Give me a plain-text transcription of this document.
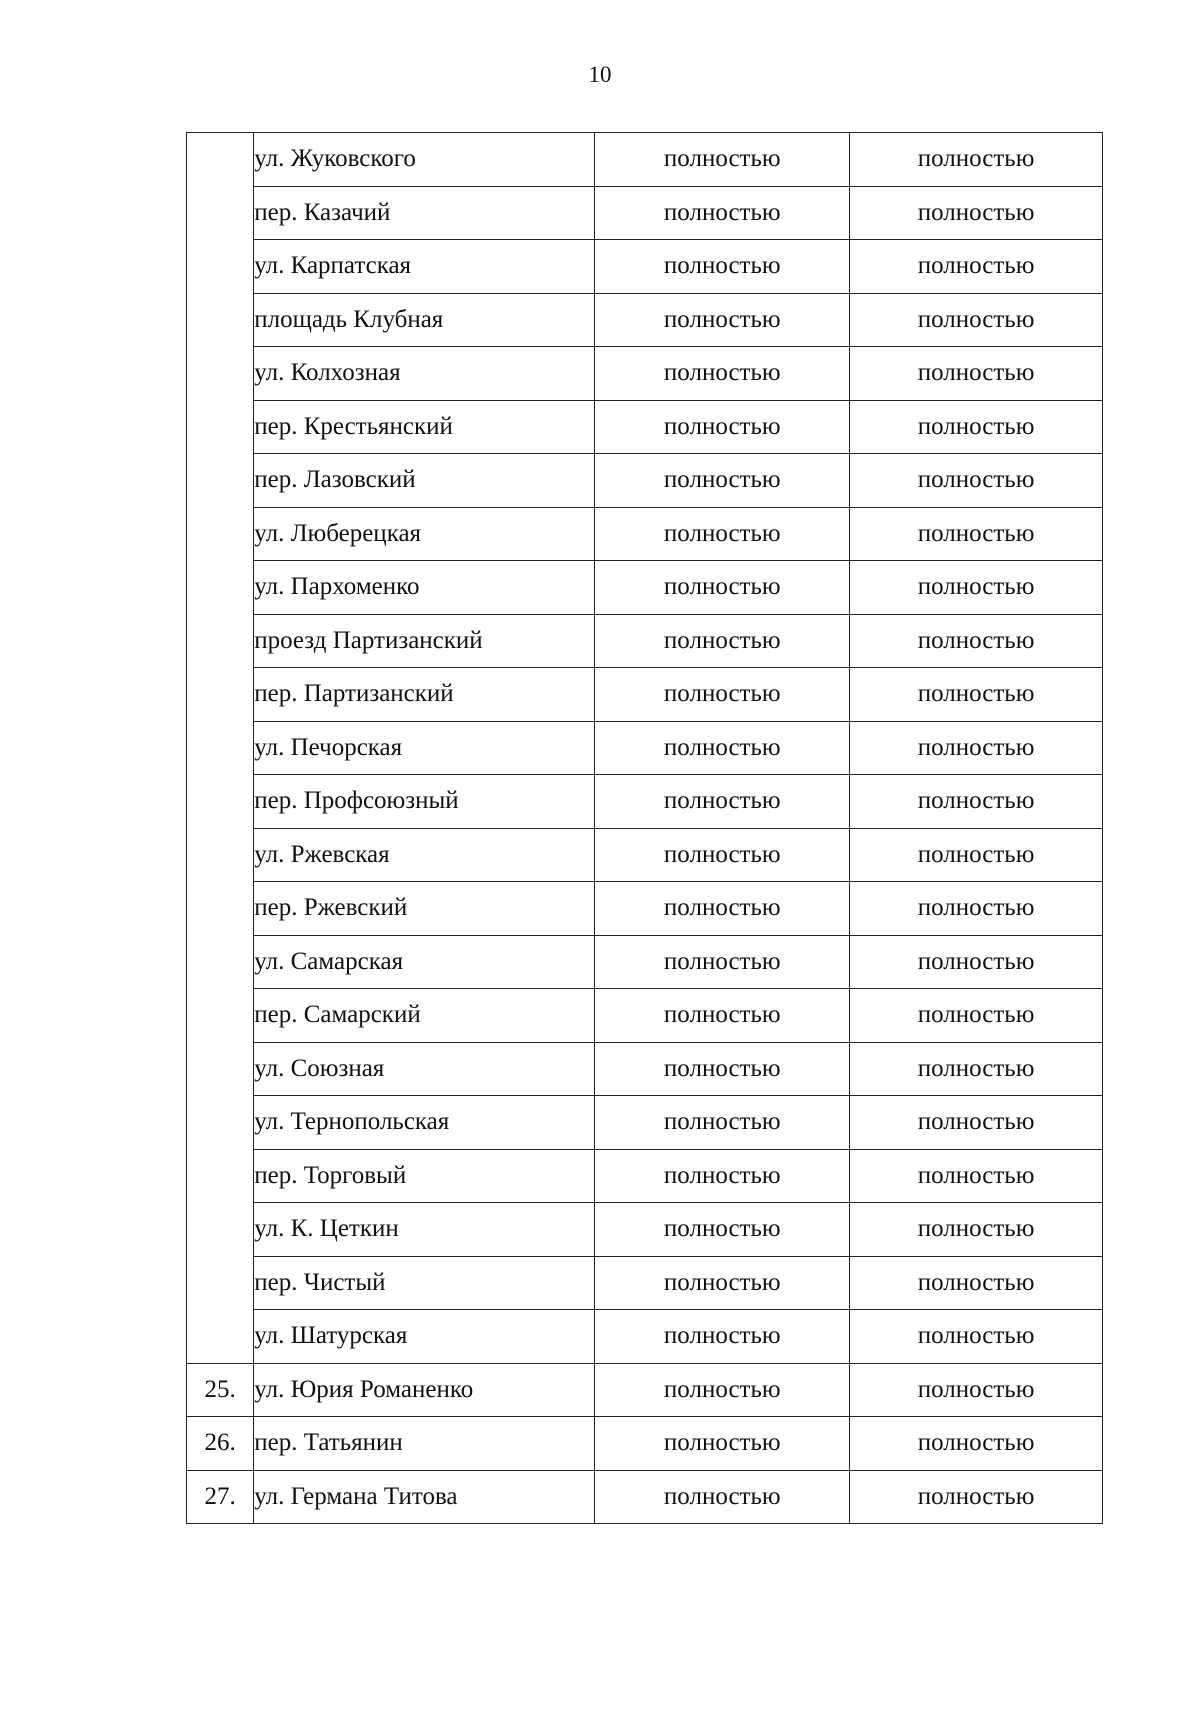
10
	ул. Жуковского	полностью	полностью
	пер. Казачий	полностью	полностью
	ул. Карпатская	полностью	полностью
	площадь Клубная	полностью	полностью
	ул. Колхозная	полностью	полностью
	пер. Крестьянский	полностью	полностью
	пер. Лазовский	полностью	полностью
	ул. Люберецкая	полностью	полностью
	ул. Пархоменко	полностью	полностью
	проезд Партизанский	полностью	полностью
	пер. Партизанский	полностью	полностью
	ул. Печорская	полностью	полностью
	пер. Профсоюзный	полностью	полностью
	ул. Ржевская	полностью	полностью
	пер. Ржевский	полностью	полностью
	ул. Самарская	полностью	полностью
	пер. Самарский	полностью	полностью
	ул. Союзная	полностью	полностью
	ул. Тернопольская	полностью	полностью
	пер. Торговый	полностью	полностью
	ул. К. Цеткин	полностью	полностью
	пер. Чистый	полностью	полностью
	ул. Шатурская	полностью	полностью
25.	ул. Юрия Романенко	полностью	полностью
26.	пер. Татьянин	полностью	полностью
27.	ул. Германа Титова	полностью	полностью
